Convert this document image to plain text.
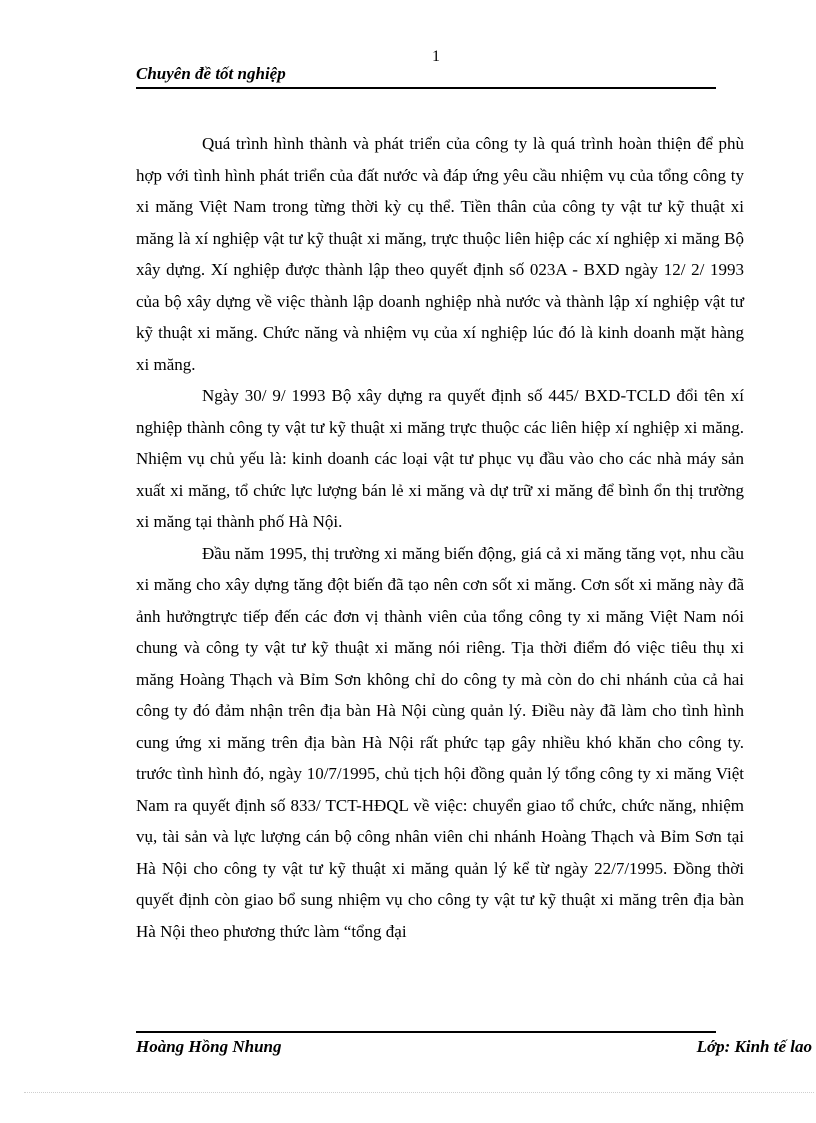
1
Chuyên đề tốt nghiệp

Quá trình hình thành và phát triển của công ty là quá trình hoàn thiện để phù hợp với tình hình phát triển của đất nước và đáp ứng yêu cầu nhiệm vụ của tổng công ty xi măng Việt Nam trong từng thời kỳ cụ thể. Tiền thân của công ty vật tư kỹ thuật xi măng là xí nghiệp vật tư kỹ thuật xi măng, trực thuộc liên hiệp các xí nghiệp xi măng Bộ xây dựng. Xí nghiệp được thành lập theo quyết định số 023A - BXD ngày 12/ 2/ 1993 của bộ xây dựng về việc thành lập doanh nghiệp nhà nước và thành lập xí nghiệp vật tư kỹ thuật xi măng. Chức năng và nhiệm vụ của xí nghiệp lúc đó là kinh doanh mặt hàng xi măng.

Ngày 30/ 9/ 1993 Bộ xây dựng ra quyết định số 445/ BXD-TCLD đổi tên xí nghiệp thành công ty vật tư kỹ thuật xi măng trực thuộc các liên hiệp xí nghiệp xi măng. Nhiệm vụ chủ yếu là: kinh doanh các loại vật tư phục vụ đầu vào cho các nhà máy sản xuất xi măng, tổ chức lực lượng bán lẻ xi măng và dự trữ xi măng để bình ổn thị trường xi măng tại thành phố Hà Nội.

Đầu năm 1995, thị trường xi măng biến động, giá cả xi măng tăng vọt, nhu cầu xi măng cho xây dựng tăng đột biến đã tạo nên cơn sốt xi măng. Cơn sốt xi măng này đã ảnh hưởngtrực tiếp đến các đơn vị thành viên của tổng công ty xi măng Việt Nam nói chung và công ty vật tư kỹ thuật xi măng nói riêng. Tịa thời điểm đó việc tiêu thụ xi măng Hoàng Thạch và Bỉm Sơn không chỉ do công ty mà còn do chi nhánh của cả hai công ty đó đảm nhận trên địa bàn Hà Nội cùng quản lý. Điều này đã làm cho tình hình cung ứng xi măng trên địa bàn Hà Nội rất phức tạp gây nhiều khó khăn cho công ty. trước tình hình đó, ngày 10/7/1995, chủ tịch hội đồng quản lý tổng công ty xi măng Việt Nam ra quyết định số 833/ TCT-HĐQL về việc: chuyển giao tổ chức, chức năng, nhiệm vụ, tài sản và lực lượng cán bộ công nhân viên chi nhánh Hoàng Thạch và Bỉm Sơn tại Hà Nội cho công ty vật tư kỹ thuật xi măng quản lý kể từ ngày 22/7/1995. Đồng thời quyết định còn giao bổ sung nhiệm vụ cho công ty vật tư kỹ thuật xi măng trên địa bàn Hà Nội theo phương thức làm “tổng đại

Hoàng Hồng Nhung	Lớp: Kinh tế lao
